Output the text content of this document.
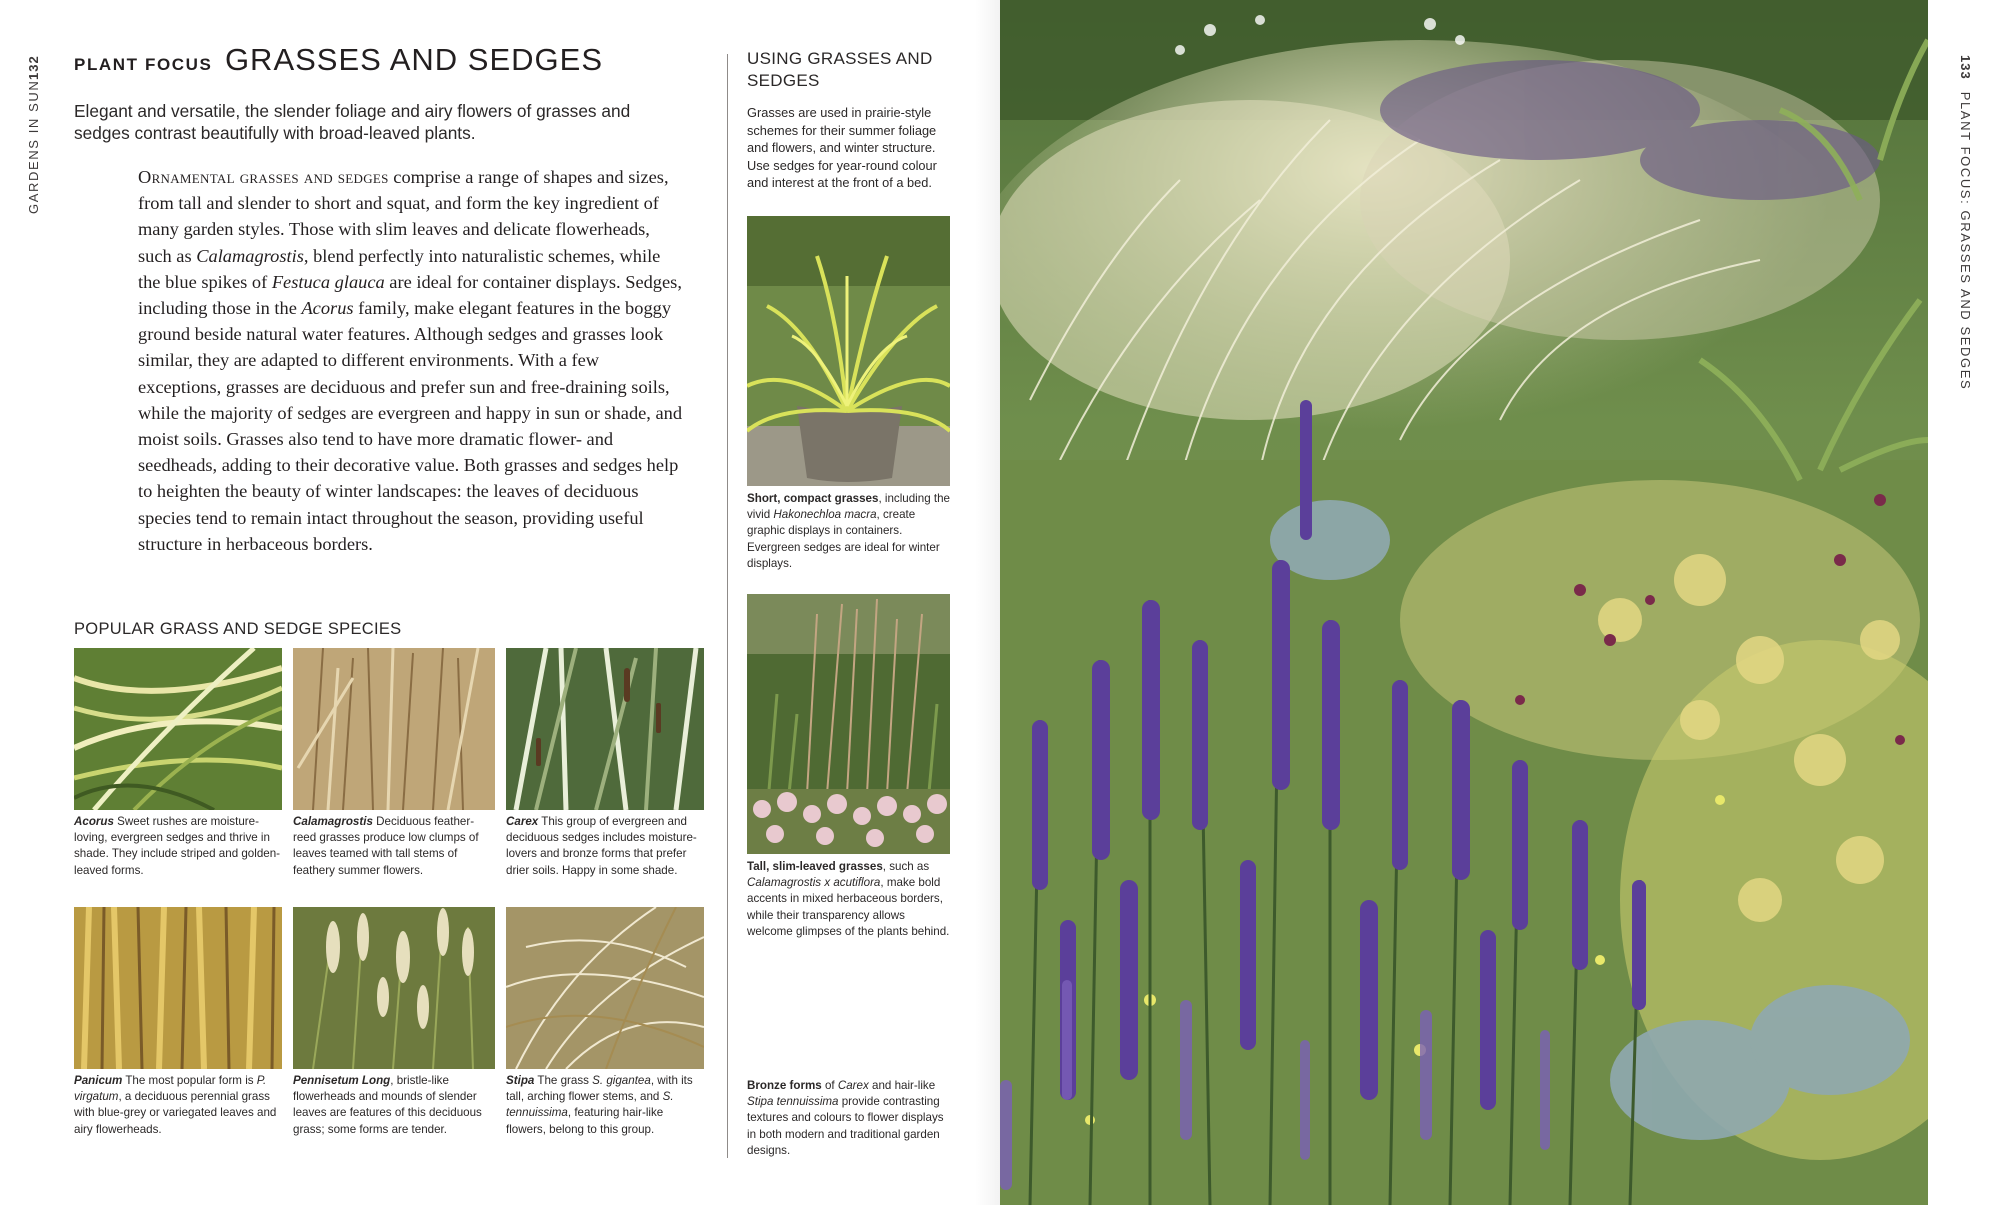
GARDENS IN SUN132 PLANT FOCUS GRASSES AND SEDGES
Elegant and versatile, the slender foliage and airy flowers of grasses and sedges contrast beautifully with broad-leaved plants.
Ornamental grasses and sedges comprise a range of shapes and sizes, from tall and slender to short and squat, and form the key ingredient of many garden styles. Those with slim leaves and delicate flowerheads, such as Calamagrostis, blend perfectly into naturalistic schemes, while the blue spikes of Festuca glauca are ideal for container displays. Sedges, including those in the Acorus family, make elegant features in the boggy ground beside natural water features. Although sedges and grasses look similar, they are adapted to different environments. With a few exceptions, grasses are deciduous and prefer sun and free-draining soils, while the majority of sedges are evergreen and happy in sun or shade, and moist soils. Grasses also tend to have more dramatic flower- and seedheads, adding to their decorative value. Both grasses and sedges help to heighten the beauty of winter landscapes: the leaves of deciduous species tend to remain intact throughout the season, providing useful structure in herbaceous borders.
POPULAR GRASS AND SEDGE SPECIES
Acorus Sweet rushes are moisture-loving, evergreen sedges and thrive in shade. They include striped and golden-leaved forms.
Calamagrostis Deciduous feather-reed grasses produce low clumps of leaves teamed with tall stems of feathery summer flowers.
Carex This group of evergreen and deciduous sedges includes moisture-lovers and bronze forms that prefer drier soils. Happy in some shade.
Panicum The most popular form is P. virgatum, a deciduous perennial grass with blue-grey or variegated leaves and airy flowerheads.
Pennisetum Long, bristle-like flowerheads and mounds of slender leaves are features of this deciduous grass; some forms are tender.
Stipa The grass S. gigantea, with its tall, arching flower stems, and S. tennuissima, featuring hair-like flowers, belong to this group.
USING GRASSES AND SEDGES
Grasses are used in prairie-style schemes for their summer foliage and flowers, and winter structure. Use sedges for year-round colour and interest at the front of a bed.
Short, compact grasses, including the vivid Hakonechloa macra, create graphic displays in containers. Evergreen sedges are ideal for winter displays.
Tall, slim-leaved grasses, such as Calamagrostis x acutiflora, make bold accents in mixed herbaceous borders, while their transparency allows welcome glimpses of the plants behind.
Bronze forms of Carex and hair-like Stipa tennuissima provide contrasting textures and colours to flower displays in both modern and traditional garden designs.
133PLANT FOCUS: GRASSES AND SEDGES
